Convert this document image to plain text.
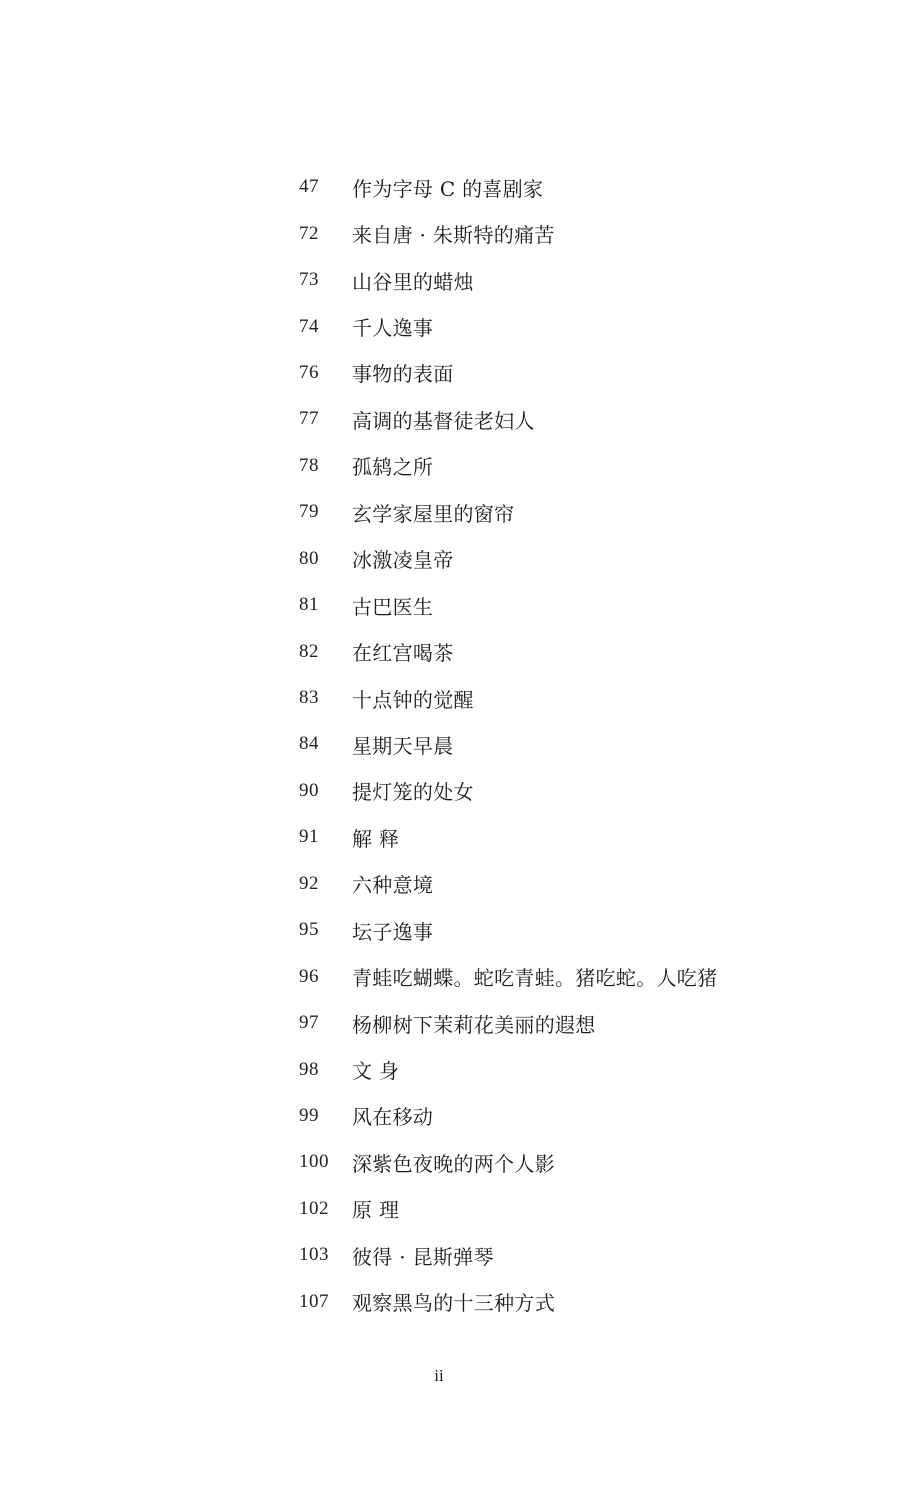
47	作为字母 C 的喜剧家
72	来自唐 · 朱斯特的痛苦
73	山谷里的蜡烛
74	千人逸事
76	事物的表面
77	高调的基督徒老妇人
78	孤鸫之所
79	玄学家屋里的窗帘
80	冰激凌皇帝
81	古巴医生
82	在红宫喝茶
83	十点钟的觉醒
84	星期天早晨
90	提灯笼的处女
91	解 释
92	六种意境
95	坛子逸事
96	青蛙吃蝴蝶。蛇吃青蛙。猪吃蛇。人吃猪
97	杨柳树下茉莉花美丽的遐想
98	文 身
99	风在移动
100	深紫色夜晚的两个人影
102	原 理
103	彼得 · 昆斯弹琴
107	观察黑鸟的十三种方式
ii
